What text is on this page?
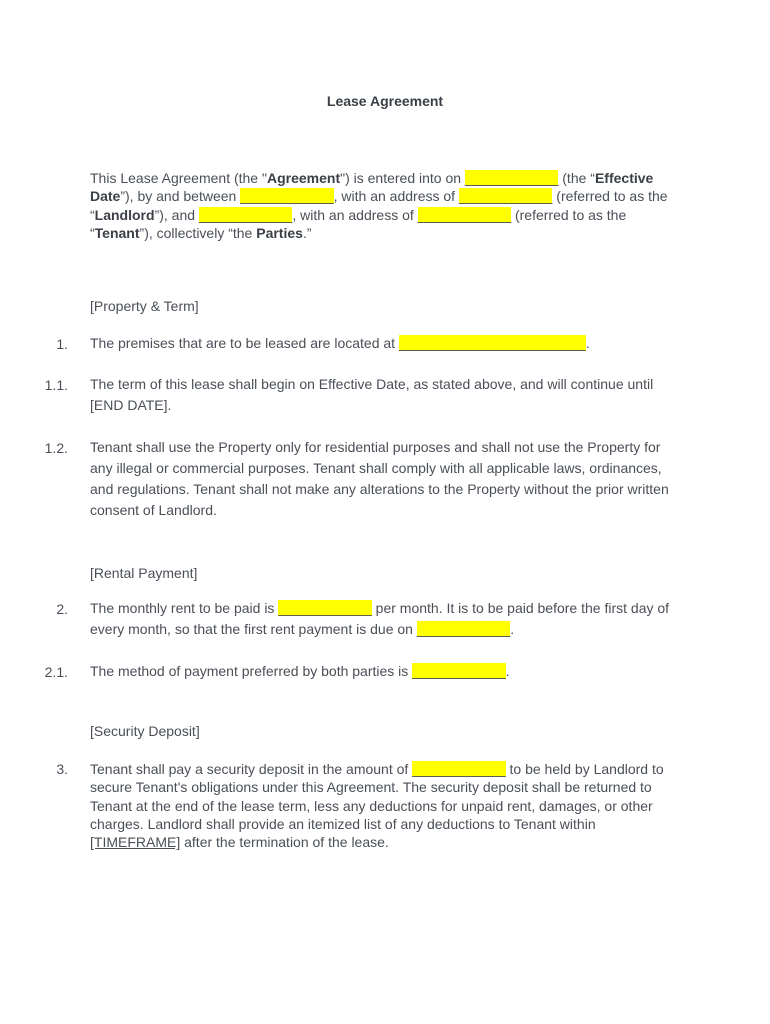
Lease Agreement
This Lease Agreement (the "Agreement") is entered into on ____________ (the “Effective Date”), by and between ____________, with an address of ____________ (referred to as the “Landlord”), and ____________, with an address of ____________ (referred to as the “Tenant”), collectively “the Parties.”
[Property & Term]
1. The premises that are to be leased are located at ________________________.
1.1. The term of this lease shall begin on Effective Date, as stated above, and will continue until [END DATE].
1.2. Tenant shall use the Property only for residential purposes and shall not use the Property for any illegal or commercial purposes. Tenant shall comply with all applicable laws, ordinances, and regulations. Tenant shall not make any alterations to the Property without the prior written consent of Landlord.
[Rental Payment]
2. The monthly rent to be paid is ____________ per month. It is to be paid before the first day of every month, so that the first rent payment is due on ____________.
2.1. The method of payment preferred by both parties is ____________.
[Security Deposit]
3. Tenant shall pay a security deposit in the amount of ____________ to be held by Landlord to secure Tenant's obligations under this Agreement. The security deposit shall be returned to Tenant at the end of the lease term, less any deductions for unpaid rent, damages, or other charges. Landlord shall provide an itemized list of any deductions to Tenant within [TIMEFRAME] after the termination of the lease.
